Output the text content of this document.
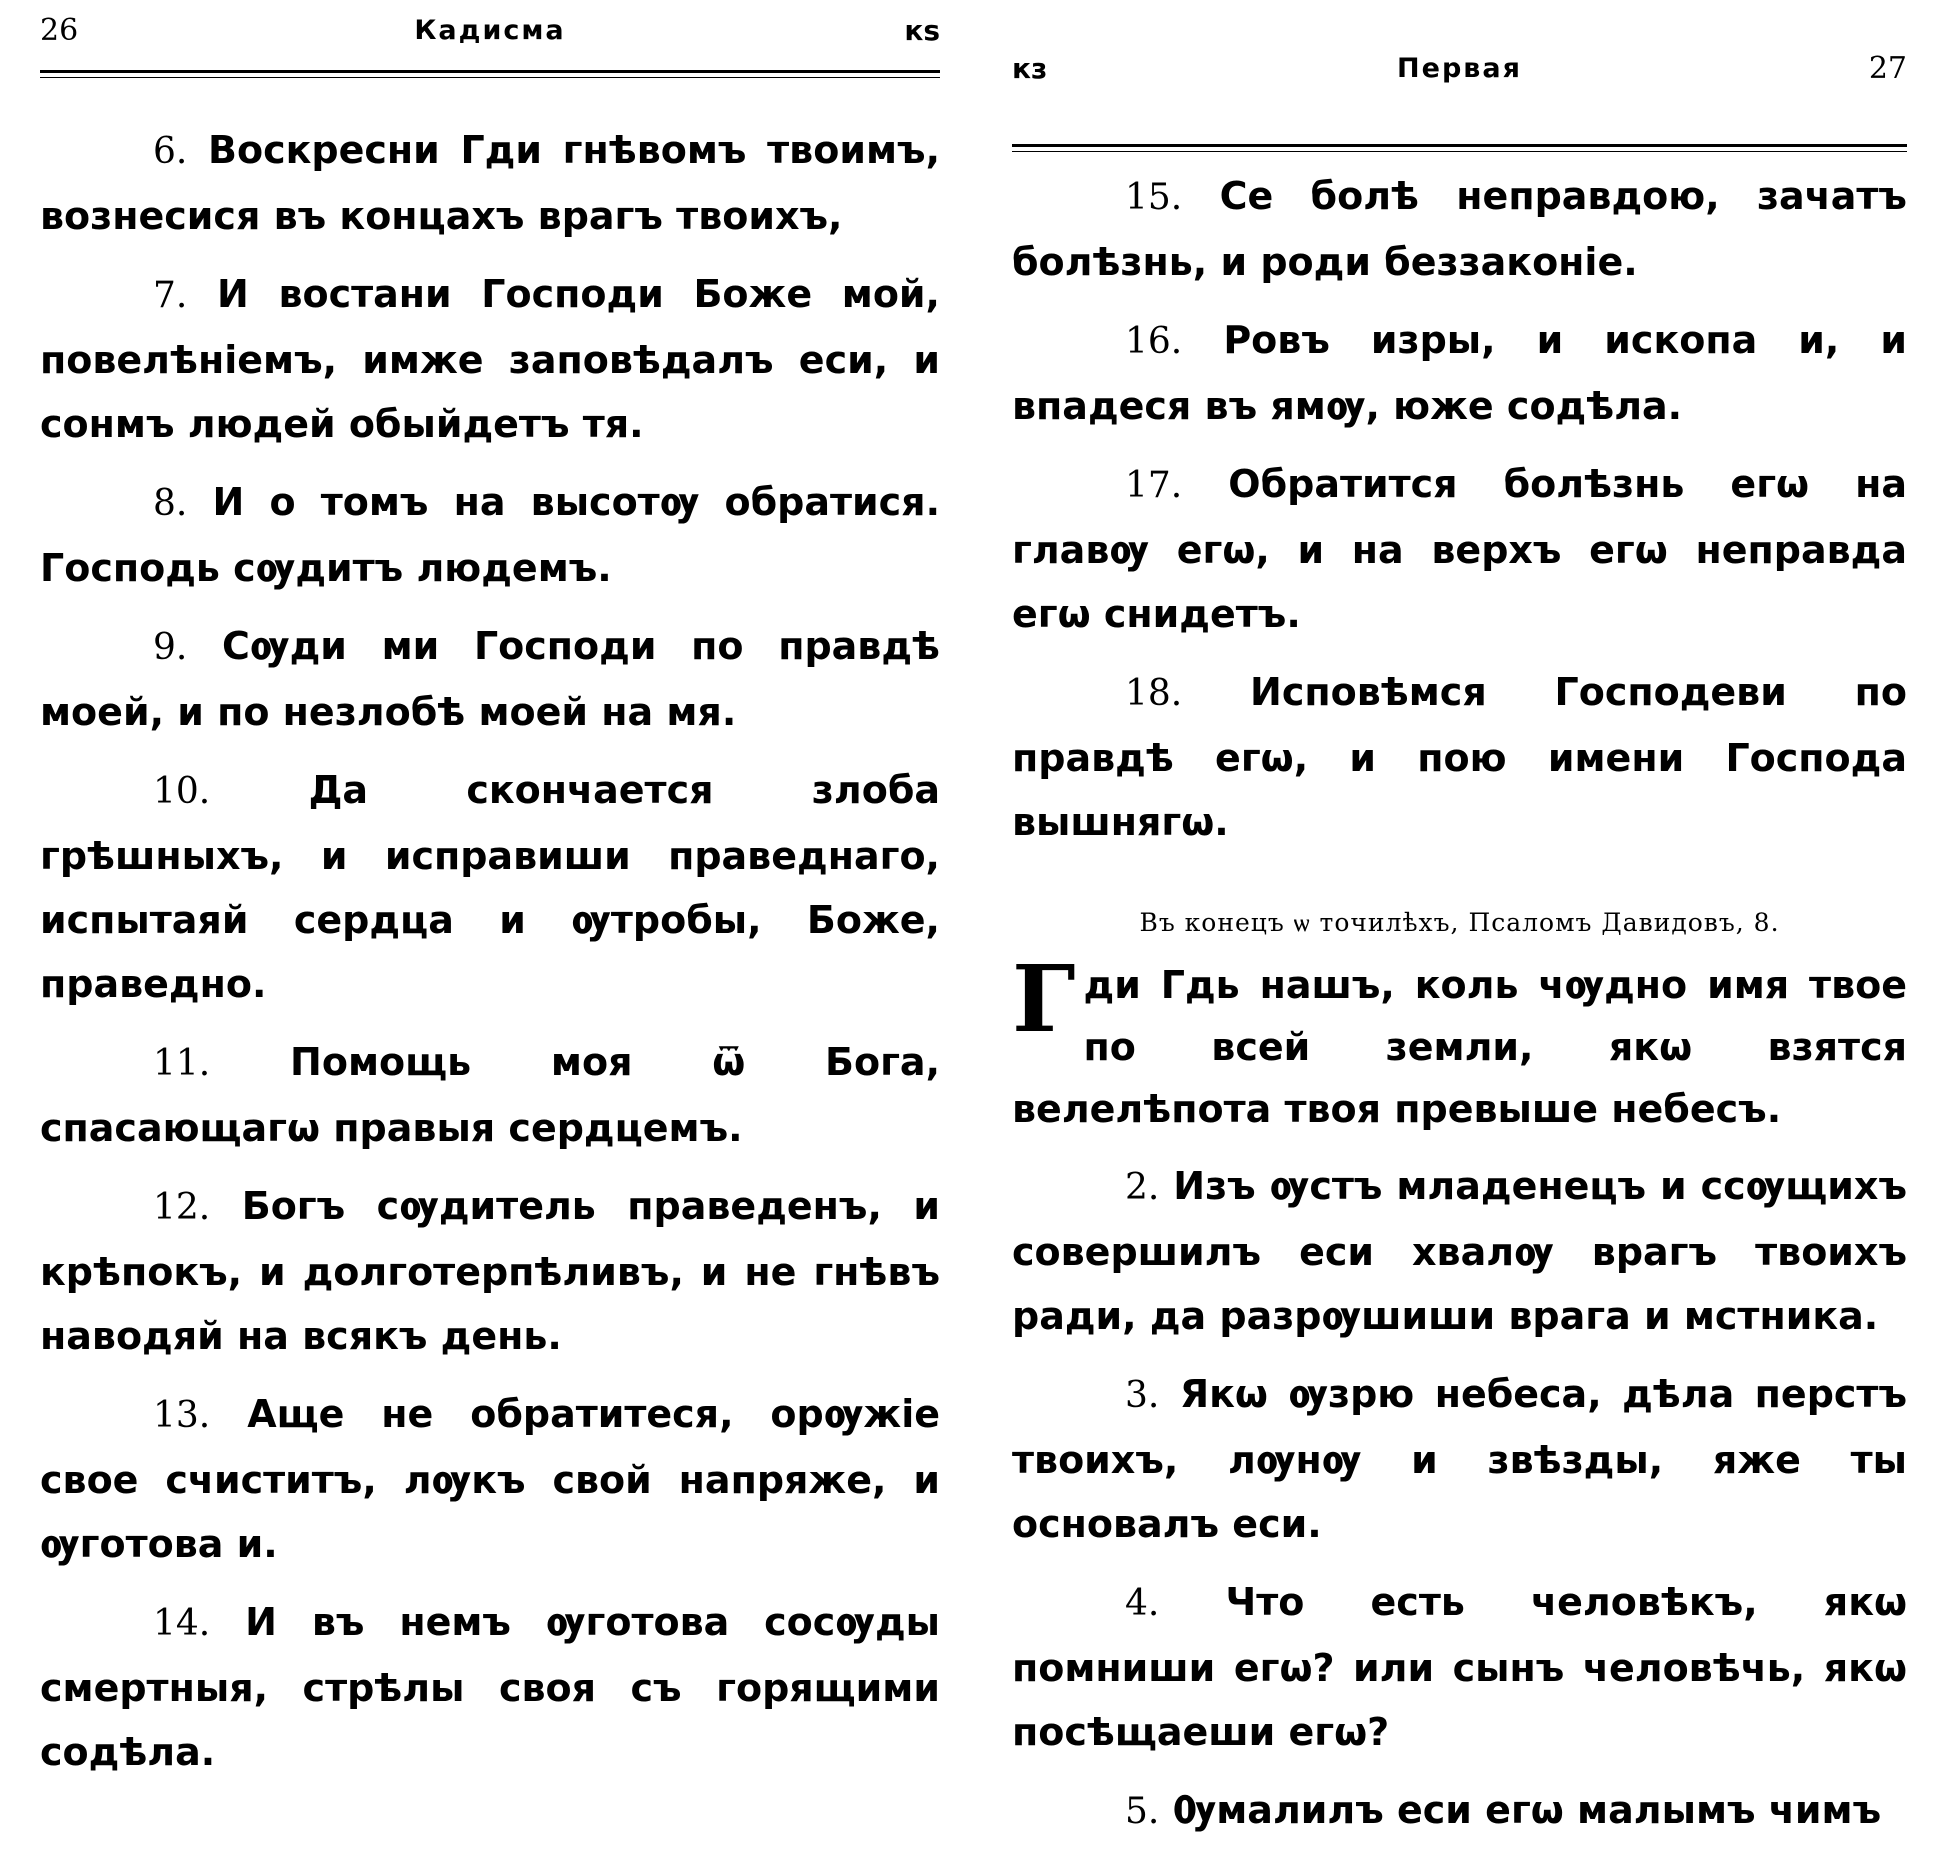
26	Кадисма	кѕ

6. Воскресни Гди гнѣвомъ твоимъ, вознесися въ концахъ врагъ твоихъ,

7. И востани Господи Боже мой, повелѣніемъ, имже заповѣдалъ еси, и сонмъ людей обыйдетъ тя.

8. И о томъ на высотѹ обратися. Господь сѹдитъ людемъ.

9. Сѹди ми Господи по правдѣ моей, и по незлобѣ моей на мя.

10.	Да скончается злоба грѣшныхъ, и исправиши праведнаго, испытаяй сердца и ѹтробы, Боже, праведно.

11. Помощь моя ѿ Бога, спасающагѡ правыя сердцемъ.

12. Богъ сѹдитель праведенъ, и крѣпокъ, и долготерпѣливъ, и не гнѣвъ наводяй на всякъ день.

13. Аще не обратитеся, орѹжіе свое счиститъ, лѹкъ свой напряже, и ѹготова и.

14. И въ немъ ѹготова сосѹды смертныя, стрѣлы своя съ горящими содѣла.

кз	Первая	27

15. Се болѣ неправдою, зачатъ болѣзнь, и роди беззаконіе.

16. Ровъ изры, и ископа и, и впадеся въ ямѹ, юже содѣла.

17. Обратится болѣзнь егѡ на главѹ егѡ, и на верхъ егѡ неправда егѡ снидетъ.

18. Исповѣмся Господеви по правдѣ егѡ, и пою имени Господа вышнягѡ.

Въ конецъ ѡ точилѣхъ, Псаломъ Давидовъ, 8.

Гди Гдь нашъ, коль чѹдно имя твое по всей земли, якѡ взятся велелѣпота твоя превыше небесъ.

2. Изъ ѹстъ младенецъ и ссѹщихъ совершилъ еси хвалѹ врагъ твоихъ ради, да разрѹшиши врага и мстника.

3. Якѡ ѹзрю небеса, дѣла перстъ твоихъ, лѹнѹ и звѣзды, яже ты основалъ еси.

4. Что есть человѣкъ, якѡ помниши егѡ? или сынъ человѣчь, якѡ посѣщаеши егѡ?

5. Ѹмалилъ еси егѡ малымъ чимъ
